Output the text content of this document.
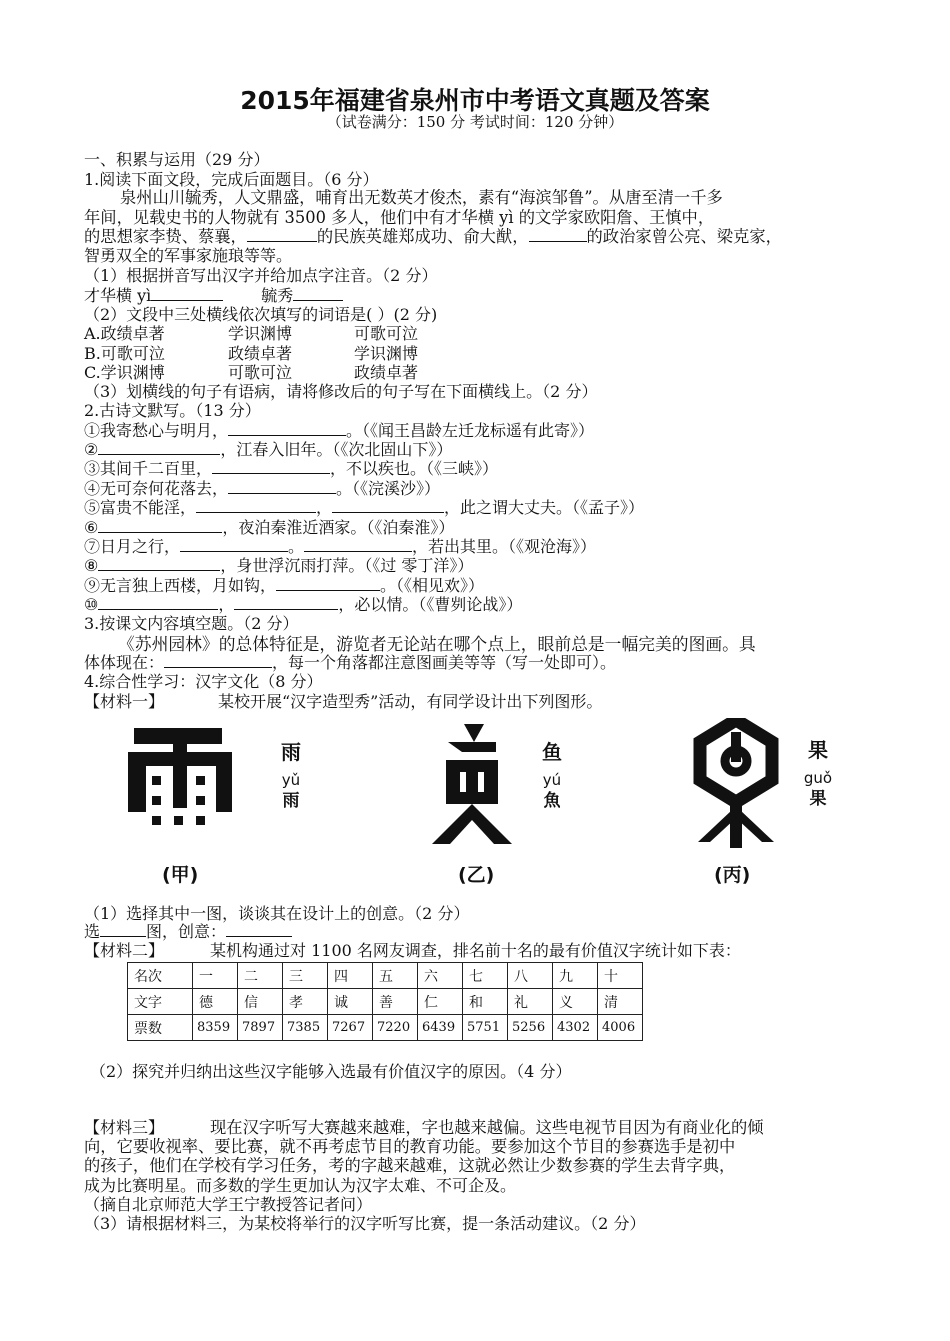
2015年福建省泉州市中考语文真题及答案
（试卷满分：150 分 考试时间：120 分钟）
一、积累与运用（29 分）
1.阅读下面文段，完成后面题目。（6 分）
泉州山川毓秀，人文鼎盛，哺育出无数英才俊杰，素有“海滨邹鲁”。从唐至清一千多
年间，见载史书的人物就有 3500 多人，他们中有才华横 yì 的文学家欧阳詹、王慎中，
的思想家李贽、蔡襄，	的民族英雄郑成功、俞大猷，	的政治家曾公亮、梁克家，
智勇双全的军事家施琅等等。
（1）根据拼音写出汉字并给加点字注音。（2 分）
才华横 yì	毓秀
（2）文段中三处横线依次填写的词语是( ）(2 分)
A.政绩卓著	学识渊博	可歌可泣
B.可歌可泣	政绩卓著	学识渊博
C.学识渊博	可歌可泣	政绩卓著
（3）划横线的句子有语病，请将修改后的句子写在下面横线上。（2 分）
2.古诗文默写。（13 分）
①我寄愁心与明月，	。（《闻王昌龄左迁龙标遥有此寄》）
②	，江春入旧年。（《次北固山下》）
③其间千二百里，	，不以疾也。（《三峡》）
④无可奈何花落去，	。（《浣溪沙》）
⑤富贵不能淫，	，	，此之谓大丈夫。（《孟子》）
⑥	，夜泊秦淮近酒家。（《泊秦淮》）
⑦日月之行，	。	，若出其里。（《观沧海》）
⑧	，身世浮沉雨打萍。（《过 零丁洋》）
⑨无言独上西楼，月如钩，	。（《相见欢》）
⑩	，	，必以情。（《曹刿论战》）
3.按课文内容填空题。（2 分）
《苏州园林》的总体特征是，游览者无论站在哪个点上，眼前总是一幅完美的图画。具
体体现在：	，每一个角落都注意图画美等等（写一处即可）。
4.综合性学习：汉字文化（8 分）
【材料一】	某校开展“汉字造型秀”活动，有同学设计出下列图形。
雨
yǔ
雨
(甲)
鱼
yú
魚
(乙)
果
guǒ
果
(丙)
（1）选择其中一图，谈谈其在设计上的创意。（2 分）
选	图，创意：
【材料二】	某机构通过对 1100 名网友调查，排名前十名的最有价值汉字统计如下表：
名次	一	二	三	四	五	六	七	八	九	十
文字	德	信	孝	诚	善	仁	和	礼	义	清
票数	8359	7897	7385	7267	7220	6439	5751	5256	4302	4006
（2）探究并归纳出这些汉字能够入选最有价值汉字的原因。（4 分）
【材料三】	现在汉字听写大赛越来越难，字也越来越偏。这些电视节目因为有商业化的倾
向，它要收视率、要比赛，就不再考虑节目的教育功能。要参加这个节目的参赛选手是初中
的孩子，他们在学校有学习任务，考的字越来越难，这就必然让少数参赛的学生去背字典，
成为比赛明星。而多数的学生更加认为汉字太难、不可企及。
（摘自北京师范大学王宁教授答记者问）
（3）请根据材料三，为某校将举行的汉字听写比赛，提一条活动建议。（2 分）
